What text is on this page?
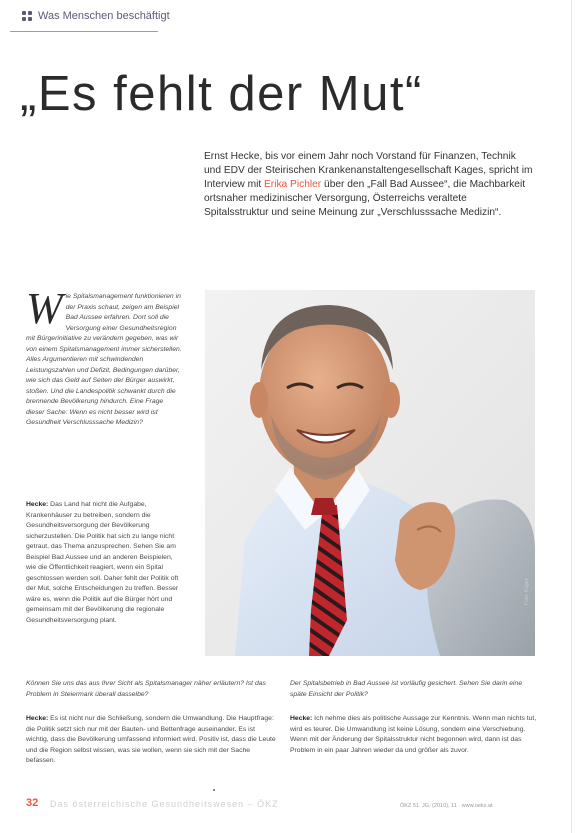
Was Menschen beschäftigt
„Es fehlt der Mut“
Ernst Hecke, bis vor einem Jahr noch Vorstand für Finanzen, Technik und EDV der Steirischen Krankenanstaltengesellschaft Kages, spricht im Interview mit Erika Pichler über den „Fall Bad Aussee“, die Machbarkeit ortsnaher medizinischer Versorgung, Österreichs veraltete Spitalsstruktur und seine Meinung zur „Verschlusssache Medizin“.
Wie Spitalsmanagement funktionieren in der Praxis schaut, zeigen am Beispiel Bad Aussee erfahren. Dort soll die Versorgung einer Gesundheitsregion mit Bürgerinitiative zu verändern gegeben, was wir von einem Spitalsmanagement immer sicherstellen. Alles Argumentieren mit schwindenden Leistungszahlen und Defizit, Bedingungen darüber, wie sich das Geld auf Seiten der Bürger auswirkt, stoßen. Und die Landespolitik schwankt durch die brennende Bevölkerung hindurch. Eine Frage dieser Sache: Wenn es nicht besser wird ist Gesundheit Verschlusssache Medizin?
Hecke: Das Land hat nicht die Aufgabe, Krankenhäuser zu betreiben, sondern die Gesundheitsversorgung der Bevölkerung sicherzustellen. Die Politik hat sich zu lange nicht getraut, das Thema anzusprechen. Sehen Sie am Beispiel Bad Aussee und an anderen Beispielen, wie die Öffentlichkeit reagiert, wenn ein Spital geschlossen werden soll. Daher fehlt der Politik oft der Mut, solche Entscheidungen zu treffen. Besser wäre es, wenn die Politik auf die Bürger hört und gemeinsam mit der Bevölkerung die regionale Gesundheitsversorgung plant.
Foto: Kages
Können Sie uns das aus Ihrer Sicht als Spitalsmanager näher erläutern? Ist das Problem in Steiermark überall dasselbe?
Hecke: Es ist nicht nur die Schließung, sondern die Umwandlung. Die Hauptfrage: die Politik setzt sich nur mit der Bauten- und Bettenfrage auseinander. Es ist wichtig, dass die Bevölkerung umfassend informiert wird. Positiv ist, dass die Leute und die Region selbst wissen, was sie wollen, wenn sie sich mit der Sache befassen.
Der Spitalsbetrieb in Bad Aussee ist vorläufig gesichert. Sehen Sie darin eine späte Einsicht der Politik?
Hecke: Ich nehme dies als politische Aussage zur Kenntnis. Wenn man nichts tut, wird es teurer. Die Umwandlung ist keine Lösung, sondern eine Verschiebung. Wenn mit der Änderung der Spitalsstruktur nicht begonnen wird, dann ist das Problem in ein paar Jahren wieder da und größer als zuvor.
32 Das österreichische Gesundheitswesen – ÖKZ	ÖKZ 51. JG. (2010), 11 · www.oekz.at
